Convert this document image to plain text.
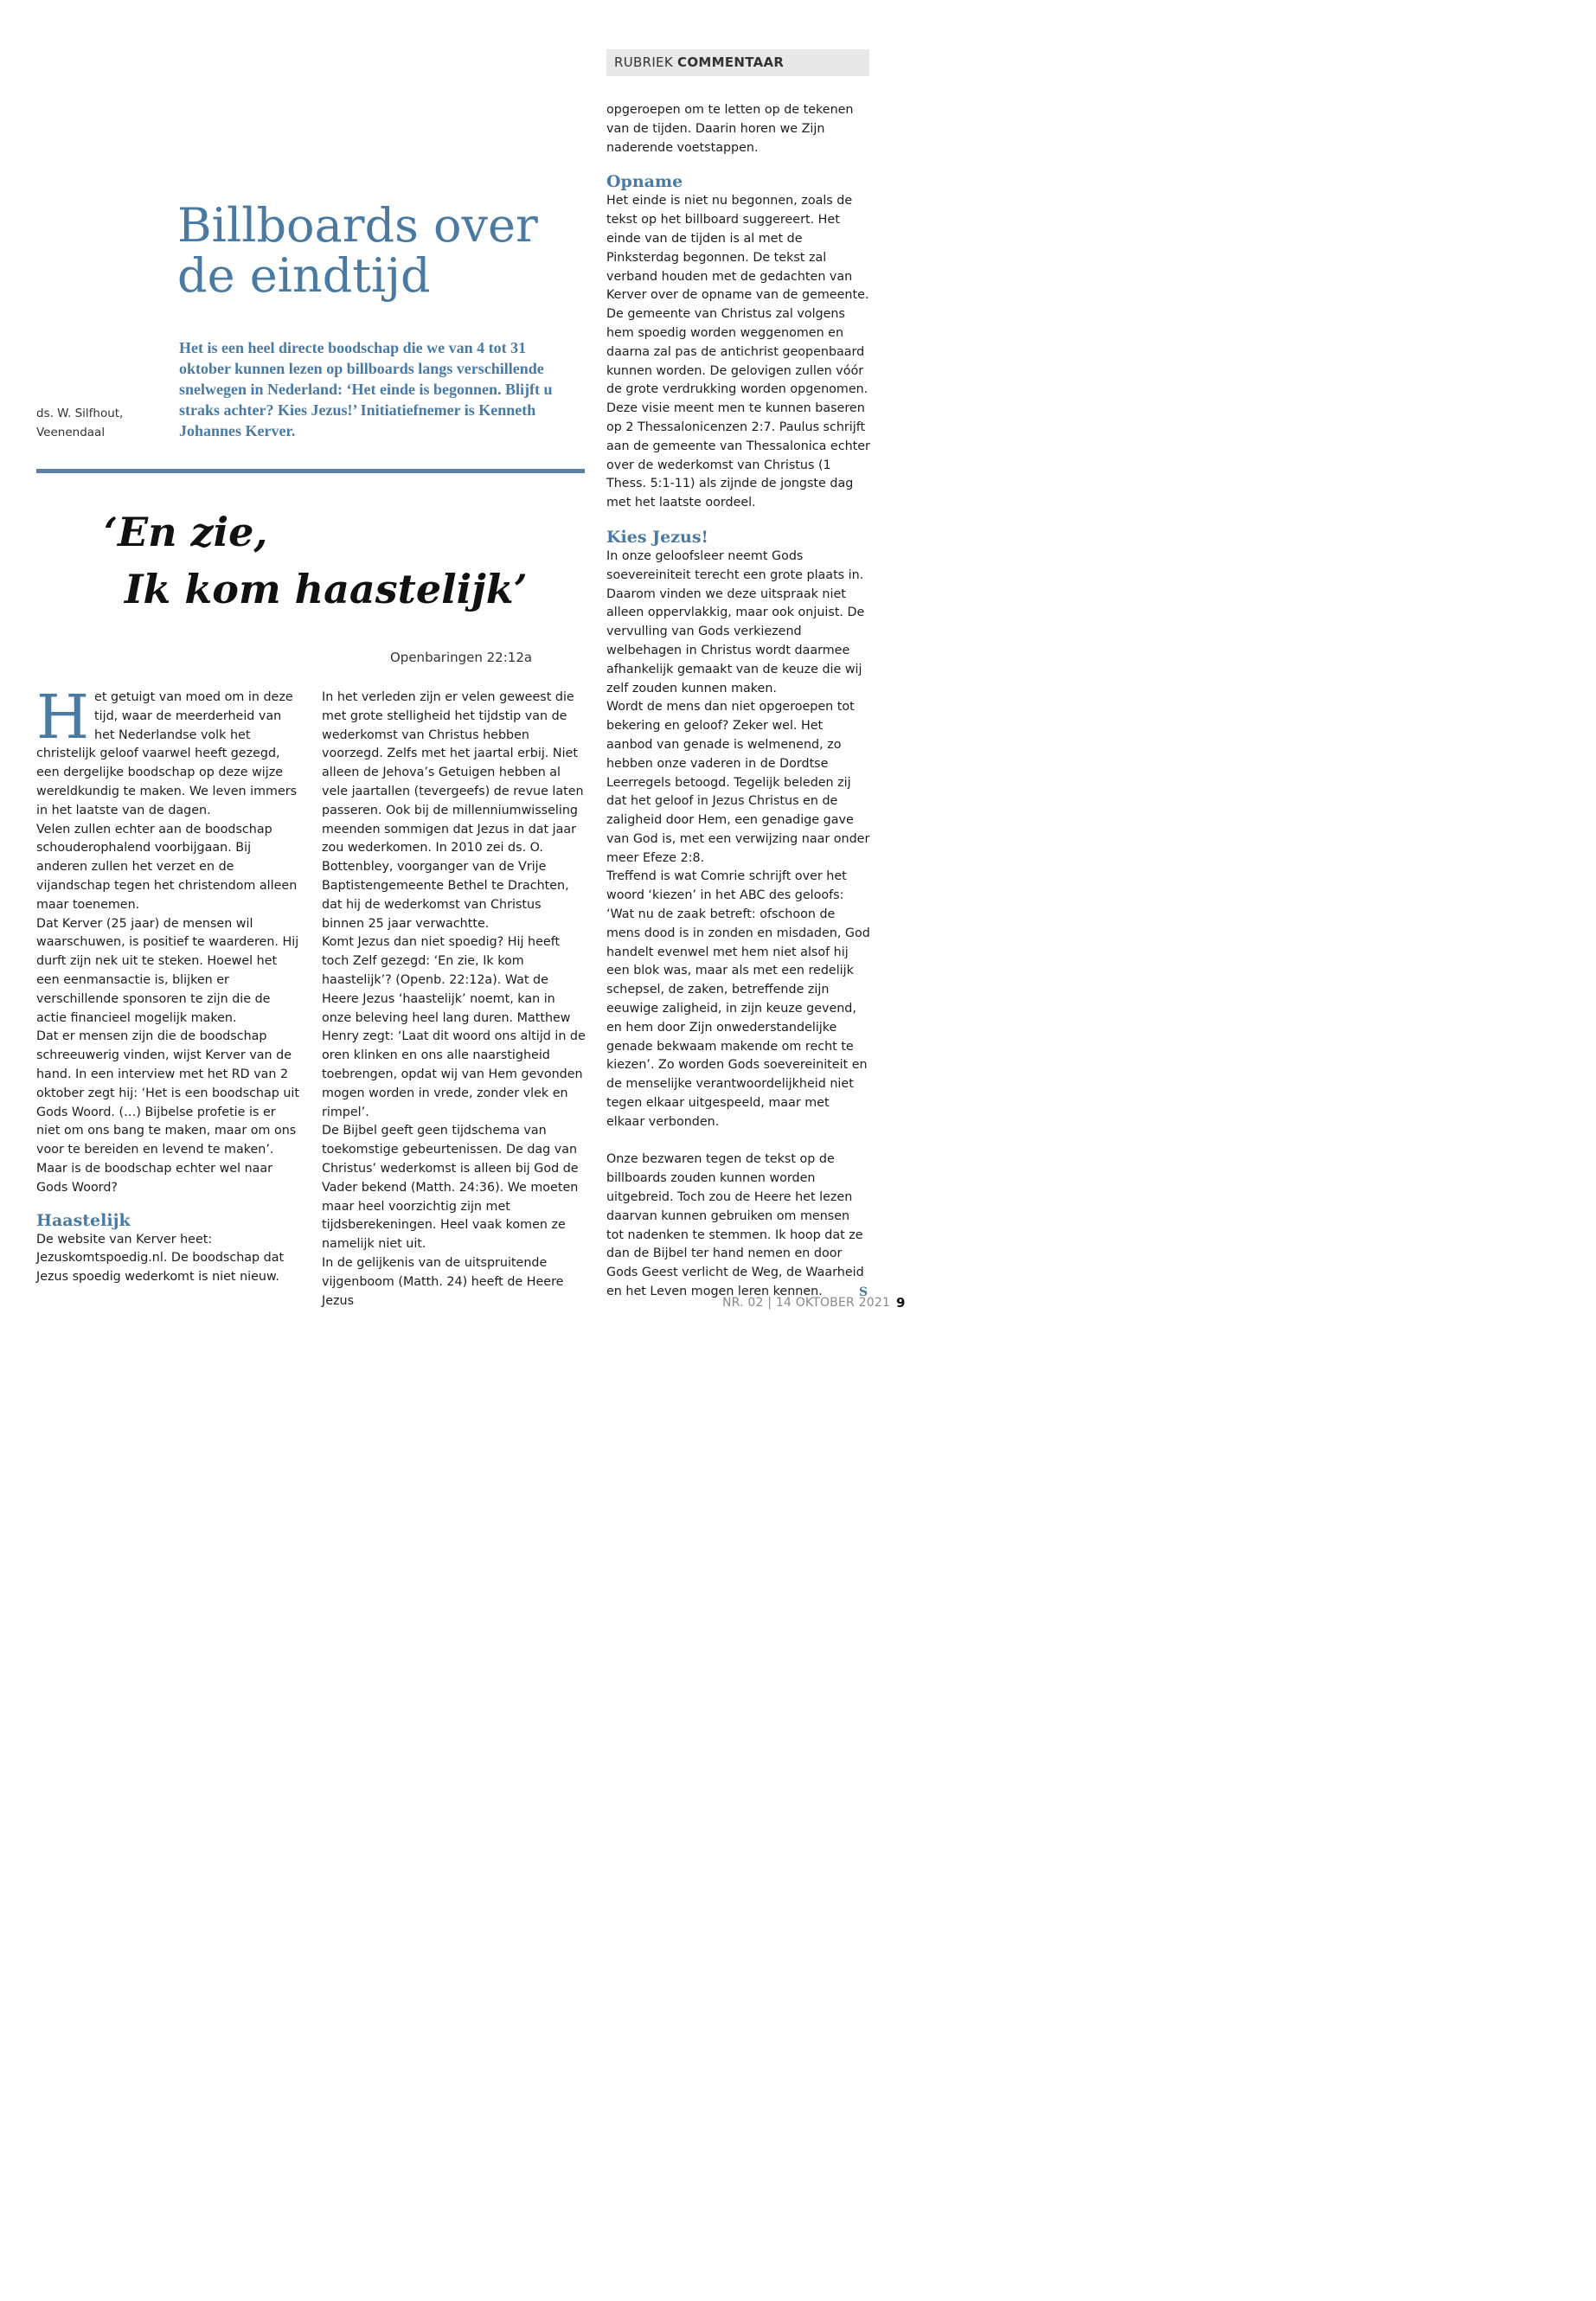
RUBRIEK COMMENTAAR
Billboards over
de eindtijd
Het is een heel directe boodschap die we van 4 tot 31 oktober kunnen lezen op billboards langs verschillende snelwegen in Nederland: ‘Het einde is begonnen. Blijft u straks achter? Kies Jezus!’ Initiatiefnemer is Kenneth Johannes Kerver.
ds. W. Silfhout,
Veenendaal
‘En zie,
Ik kom haastelijk’
Openbaringen 22:12a

Het getuigt van moed om in deze tijd, waar de meerderheid van het Nederlandse volk het christelijk geloof vaarwel heeft gezegd, een dergelijke boodschap op deze wijze wereldkundig te maken. We leven immers in het laatste van de dagen.

Velen zullen echter aan de boodschap schouderophalend voorbijgaan. Bij anderen zullen het verzet en de vijandschap tegen het christendom alleen maar toenemen.

Dat Kerver (25 jaar) de mensen wil waarschuwen, is positief te waarderen. Hij durft zijn nek uit te steken. Hoewel het een eenmansactie is, blijken er verschillende sponsoren te zijn die de actie financieel mogelijk maken.

Dat er mensen zijn die de boodschap schreeuwerig vinden, wijst Kerver van de hand. In een interview met het RD van 2 oktober zegt hij: ‘Het is een boodschap uit Gods Woord. (…) Bijbelse profetie is er niet om ons bang te maken, maar om ons voor te bereiden en levend te maken’. Maar is de boodschap echter wel naar Gods Woord?

Haastelijk

De website van Kerver heet: Jezuskomtspoedig.nl. De boodschap dat Jezus spoedig wederkomt is niet nieuw.

In het verleden zijn er velen geweest die met grote stelligheid het tijdstip van de wederkomst van Christus hebben voorzegd. Zelfs met het jaartal erbij. Niet alleen de Jehova’s Getuigen hebben al vele jaartallen (tevergeefs) de revue laten passeren. Ook bij de millenniumwisseling meenden sommigen dat Jezus in dat jaar zou wederkomen. In 2010 zei ds. O. Bottenbley, voorganger van de Vrije Baptistengemeente Bethel te Drachten, dat hij de wederkomst van Christus binnen 25 jaar verwachtte.

Komt Jezus dan niet spoedig? Hij heeft toch Zelf gezegd: ‘En zie, Ik kom haastelijk’? (Openb. 22:12a). Wat de Heere Jezus ‘haastelijk’ noemt, kan in onze beleving heel lang duren. Matthew Henry zegt: ‘Laat dit woord ons altijd in de oren klinken en ons alle naarstigheid toebrengen, opdat wij van Hem gevonden mogen worden in vrede, zonder vlek en rimpel’.

De Bijbel geeft geen tijdschema van toekomstige gebeurtenissen. De dag van Christus’ wederkomst is alleen bij God de Vader bekend (Matth. 24:36). We moeten maar heel voorzichtig zijn met tijdsberekeningen. Heel vaak komen ze namelijk niet uit.

In de gelijkenis van de uitspruitende vijgenboom (Matth. 24) heeft de Heere Jezus

opgeroepen om te letten op de tekenen van de tijden. Daarin horen we Zijn naderende voetstappen.

Opname

Het einde is niet nu begonnen, zoals de tekst op het billboard suggereert. Het einde van de tijden is al met de Pinksterdag begonnen. De tekst zal verband houden met de gedachten van Kerver over de opname van de gemeente. De gemeente van Christus zal volgens hem spoedig worden weggenomen en daarna zal pas de antichrist geopenbaard kunnen worden. De gelovigen zullen vóór de grote verdrukking worden opgenomen. Deze visie meent men te kunnen baseren op 2 Thessalonicenzen 2:7. Paulus schrijft aan de gemeente van Thessalonica echter over de wederkomst van Christus (1 Thess. 5:1-11) als zijnde de jongste dag met het laatste oordeel.

Kies Jezus!

In onze geloofsleer neemt Gods soevereiniteit terecht een grote plaats in. Daarom vinden we deze uitspraak niet alleen oppervlakkig, maar ook onjuist. De vervulling van Gods verkiezend welbehagen in Christus wordt daarmee afhankelijk gemaakt van de keuze die wij zelf zouden kunnen maken.

Wordt de mens dan niet opgeroepen tot bekering en geloof? Zeker wel. Het aanbod van genade is welmenend, zo hebben onze vaderen in de Dordtse Leerregels betoogd. Tegelijk beleden zij dat het geloof in Jezus Christus en de zaligheid door Hem, een genadige gave van God is, met een verwijzing naar onder meer Efeze 2:8.

Treffend is wat Comrie schrijft over het woord ‘kiezen’ in het ABC des geloofs: ‘Wat nu de zaak betreft: ofschoon de mens dood is in zonden en misdaden, God handelt evenwel met hem niet alsof hij een blok was, maar als met een redelijk schepsel, de zaken, betreffende zijn eeuwige zaligheid, in zijn keuze gevend, en hem door Zijn onwederstandelijke genade bekwaam makende om recht te kiezen’. Zo worden Gods soevereiniteit en de menselijke verantwoordelijkheid niet tegen elkaar uitgespeeld, maar met elkaar verbonden.

Onze bezwaren tegen de tekst op de billboards zouden kunnen worden uitgebreid. Toch zou de Heere het lezen daarvan kunnen gebruiken om mensen tot nadenken te stemmen. Ik hoop dat ze dan de Bijbel ter hand nemen en door Gods Geest verlicht de Weg, de Waarheid en het Leven mogen leren kennen.	S

NR. 02 | 14 OKTOBER 2021 9
